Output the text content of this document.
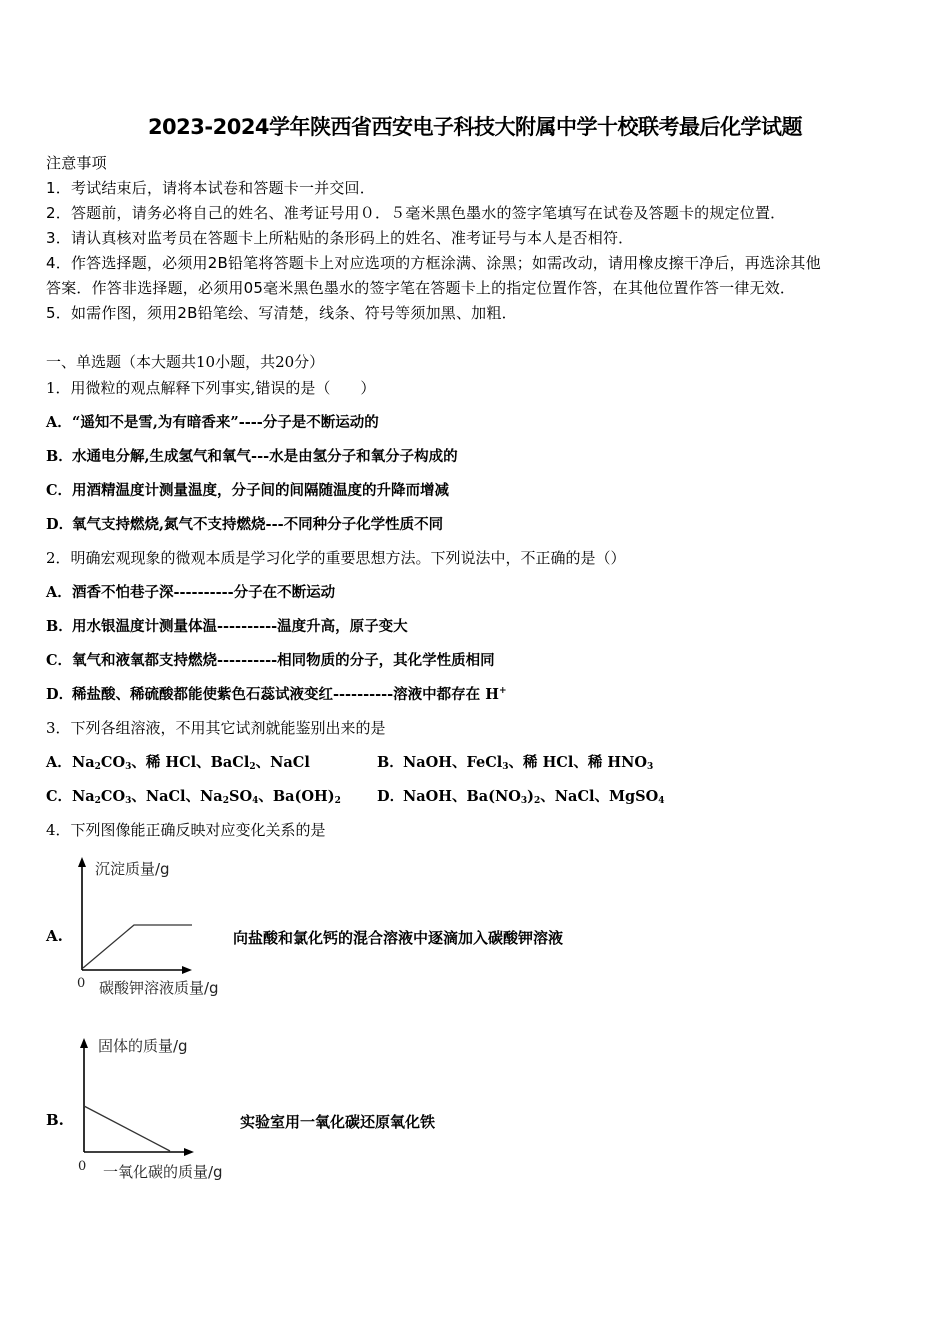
2023-2024学年陕西省西安电子科技大附属中学十校联考最后化学试题
注意事项
1．考试结束后，请将本试卷和答题卡一并交回．
2．答题前，请务必将自己的姓名、准考证号用０．５毫米黑色墨水的签字笔填写在试卷及答题卡的规定位置．
3．请认真核对监考员在答题卡上所粘贴的条形码上的姓名、准考证号与本人是否相符．
4．作答选择题，必须用2B铅笔将答题卡上对应选项的方框涂满、涂黑；如需改动，请用橡皮擦干净后，再选涂其他
答案．作答非选择题，必须用05毫米黑色墨水的签字笔在答题卡上的指定位置作答，在其他位置作答一律无效．
5．如需作图，须用2B铅笔绘、写清楚，线条、符号等须加黑、加粗．
一、单选题（本大题共10小题，共20分）
1．用微粒的观点解释下列事实,错误的是（　　）
A．“遥知不是雪,为有暗香来”----分子是不断运动的
B．水通电分解,生成氢气和氧气---水是由氢分子和氧分子构成的
C．用酒精温度计测量温度，分子间的间隔随温度的升降而增减
D．氧气支持燃烧,氮气不支持燃烧---不同种分子化学性质不同
2．明确宏观现象的微观本质是学习化学的重要思想方法。下列说法中，不正确的是（）
A．酒香不怕巷子深----------分子在不断运动
B．用水银温度计测量体温----------温度升高，原子变大
C．氧气和液氧都支持燃烧----------相同物质的分子，其化学性质相同
D．稀盐酸、稀硫酸都能使紫色石蕊试液变红----------溶液中都存在 H+
3．下列各组溶液，不用其它试剂就能鉴别出来的是
A．$Na_2CO_3$、稀 HCl、BaCl$_2$、NaCl	B．NaOH、FeCl$_3$、稀 HCl、稀 $HNO_3$
C．$Na_2CO_3$、NaCl、$Na_2SO_4$、$Ba(OH)_2$ D．NaOH、$Ba(NO_3)_2$、NaCl、MgSO$_4$
4．下列图像能正确反映对应变化关系的是
A.
沉淀质量/g
0 碳酸钾溶液质量/g
向盐酸和氯化钙的混合溶液中逐滴加入碳酸钾溶液
B.
固体的质量/g
0 一氧化碳的质量/g
实验室用一氧化碳还原氧化铁
